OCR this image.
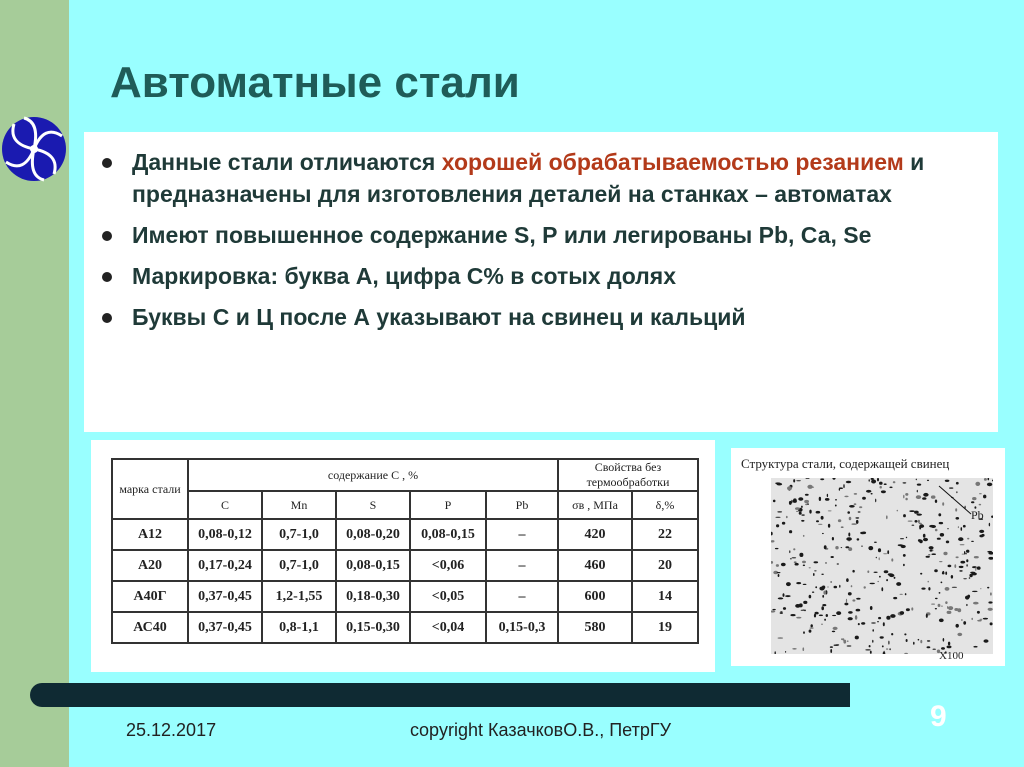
Автоматные стали
Данные стали отличаются хорошей обрабатываемостью резанием и предназначены для изготовления деталей на станках – автоматах
Имеют повышенное содержание S, Р или легированы Pb, Са, Se
Маркировка: буква А, цифра С% в сотых долях
Буквы С и Ц после А указывают на свинец и кальций
марка стали	содержание С , %					Свойства без термообработки	
	С	Mn	S	P	Pb	σв , МПа	δ,%
А12	0,08-0,12	0,7-1,0	0,08-0,20	0,08-0,15	–	420	22
А20	0,17-0,24	0,7-1,0	0,08-0,15	<0,06	–	460	20
А40Г	0,37-0,45	1,2-1,55	0,18-0,30	<0,05	–	600	14
АС40	0,37-0,45	0,8-1,1	0,15-0,30	<0,04	0,15-0,3	580	19
Структура стали, содержащей свинец
Pb
X100
25.12.2017	copyright КазачковО.В., ПетрГУ	9
